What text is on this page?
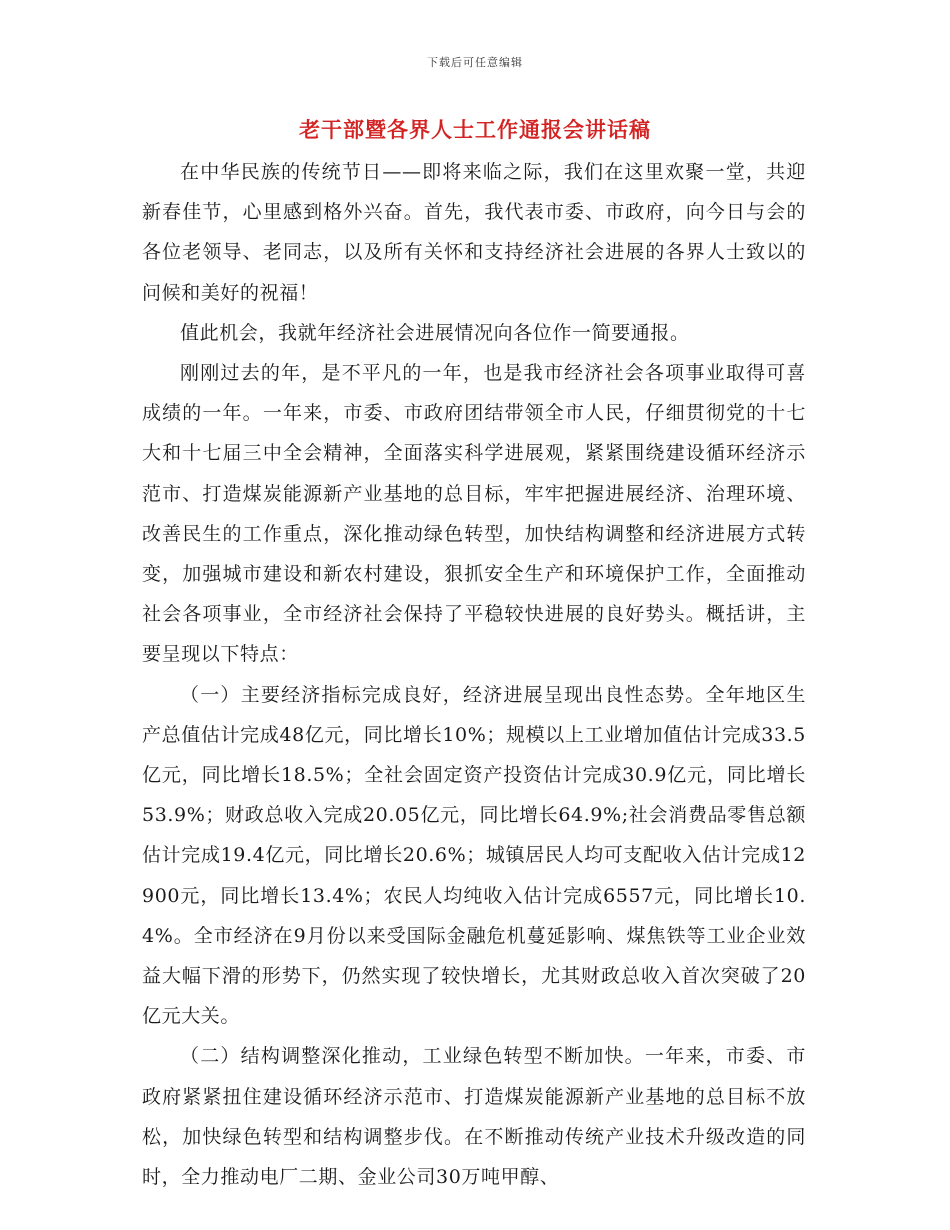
下载后可任意编辑
老干部暨各界人士工作通报会讲话稿

在中华民族的传统节日——即将来临之际，我们在这里欢聚一堂，共迎新春佳节，心里感到格外兴奋。首先，我代表市委、市政府，向今日与会的各位老领导、老同志，以及所有关怀和支持经济社会进展的各界人士致以的问候和美好的祝福！

值此机会，我就年经济社会进展情况向各位作一简要通报。

刚刚过去的年，是不平凡的一年，也是我市经济社会各项事业取得可喜成绩的一年。一年来，市委、市政府团结带领全市人民，仔细贯彻党的十七大和十七届三中全会精神，全面落实科学进展观，紧紧围绕建设循环经济示范市、打造煤炭能源新产业基地的总目标，牢牢把握进展经济、治理环境、改善民生的工作重点，深化推动绿色转型，加快结构调整和经济进展方式转变，加强城市建设和新农村建设，狠抓安全生产和环境保护工作，全面推动社会各项事业，全市经济社会保持了平稳较快进展的良好势头。概括讲，主要呈现以下特点：

（一）主要经济指标完成良好，经济进展呈现出良性态势。全年地区生产总值估计完成48亿元，同比增长10%；规模以上工业增加值估计完成33.5亿元，同比增长18.5%；全社会固定资产投资估计完成30.9亿元，同比增长53.9%；财政总收入完成20.05亿元，同比增长64.9%;社会消费品零售总额估计完成19.4亿元，同比增长20.6%；城镇居民人均可支配收入估计完成12900元，同比增长13.4%；农民人均纯收入估计完成6557元，同比增长10.4%。全市经济在9月份以来受国际金融危机蔓延影响、煤焦铁等工业企业效益大幅下滑的形势下，仍然实现了较快增长，尤其财政总收入首次突破了20亿元大关。

（二）结构调整深化推动，工业绿色转型不断加快。一年来，市委、市政府紧紧扭住建设循环经济示范市、打造煤炭能源新产业基地的总目标不放松，加快绿色转型和结构调整步伐。在不断推动传统产业技术升级改造的同时，全力推动电厂二期、金业公司30万吨甲醇、
